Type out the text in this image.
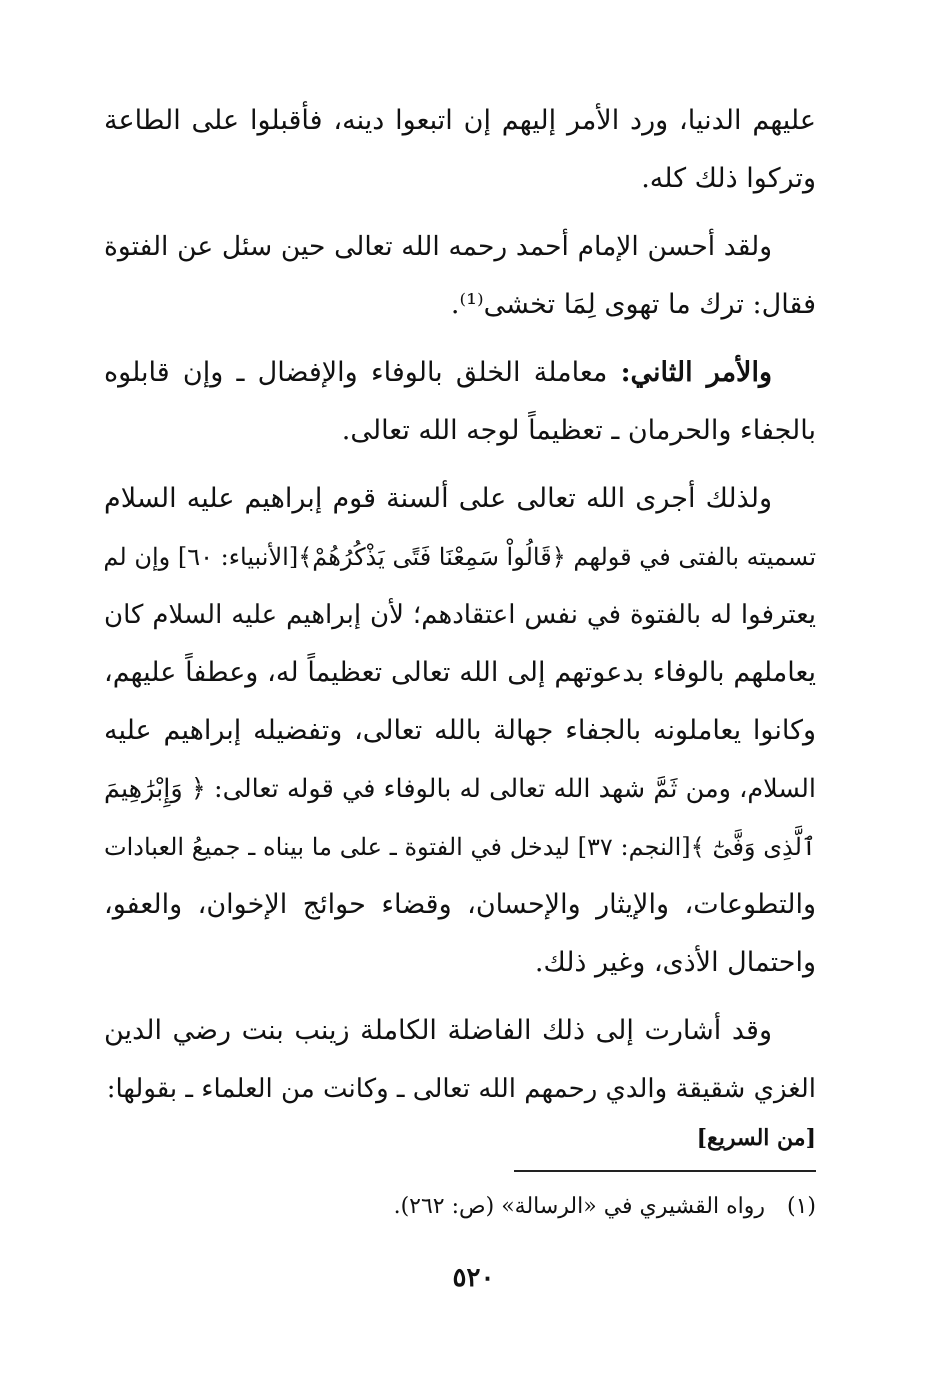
عليهم الدنيا، ورد الأمر إليهم إن اتبعوا دينه، فأقبلوا على الطاعة
وتركوا ذلك كله.
ولقد أحسن الإمام أحمد رحمه الله تعالى حين سئل عن الفتوة
فقال: ترك ما تهوى لِمَا تخشى⁽¹⁾.
والأمر الثاني: معاملة الخلق بالوفاء والإفضال ـ وإن قابلوه
بالجفاء والحرمان ـ تعظيماً لوجه الله تعالى.
ولذلك أجرى الله تعالى على ألسنة قوم إبراهيم عليه السلام
تسميته بالفتى في قولهم ﴿قَالُواْ سَمِعْنَا فَتًى يَذْكُرُهُمْ﴾[الأنبياء: ٦٠] وإن لم
يعترفوا له بالفتوة في نفس اعتقادهم؛ لأن إبراهيم عليه السلام كان
يعاملهم بالوفاء بدعوتهم إلى الله تعالى تعظيماً له، وعطفاً عليهم،
وكانوا يعاملونه بالجفاء جهالة بالله تعالى، وتفضيله إبراهيم عليه
السلام، ومن ثَمَّ شهد الله تعالى له بالوفاء في قوله تعالى: ﴿ وَإِبْرَٰهِيمَ
ٱلَّذِى وَفَّىٰٓ ﴾[النجم: ٣٧] ليدخل في الفتوة ـ على ما بيناه ـ جميعُ العبادات
والتطوعات، والإيثار والإحسان، وقضاء حوائج الإخوان، والعفو،
واحتمال الأذى، وغير ذلك.
وقد أشارت إلى ذلك الفاضلة الكاملة زينب بنت رضي الدين
الغزي شقيقة والدي رحمهم الله تعالى ـ وكانت من العلماء ـ بقولها:
[من السريع]
(١)رواه القشيري في «الرسالة» (ص: ٢٦٢).
٥٢٠
